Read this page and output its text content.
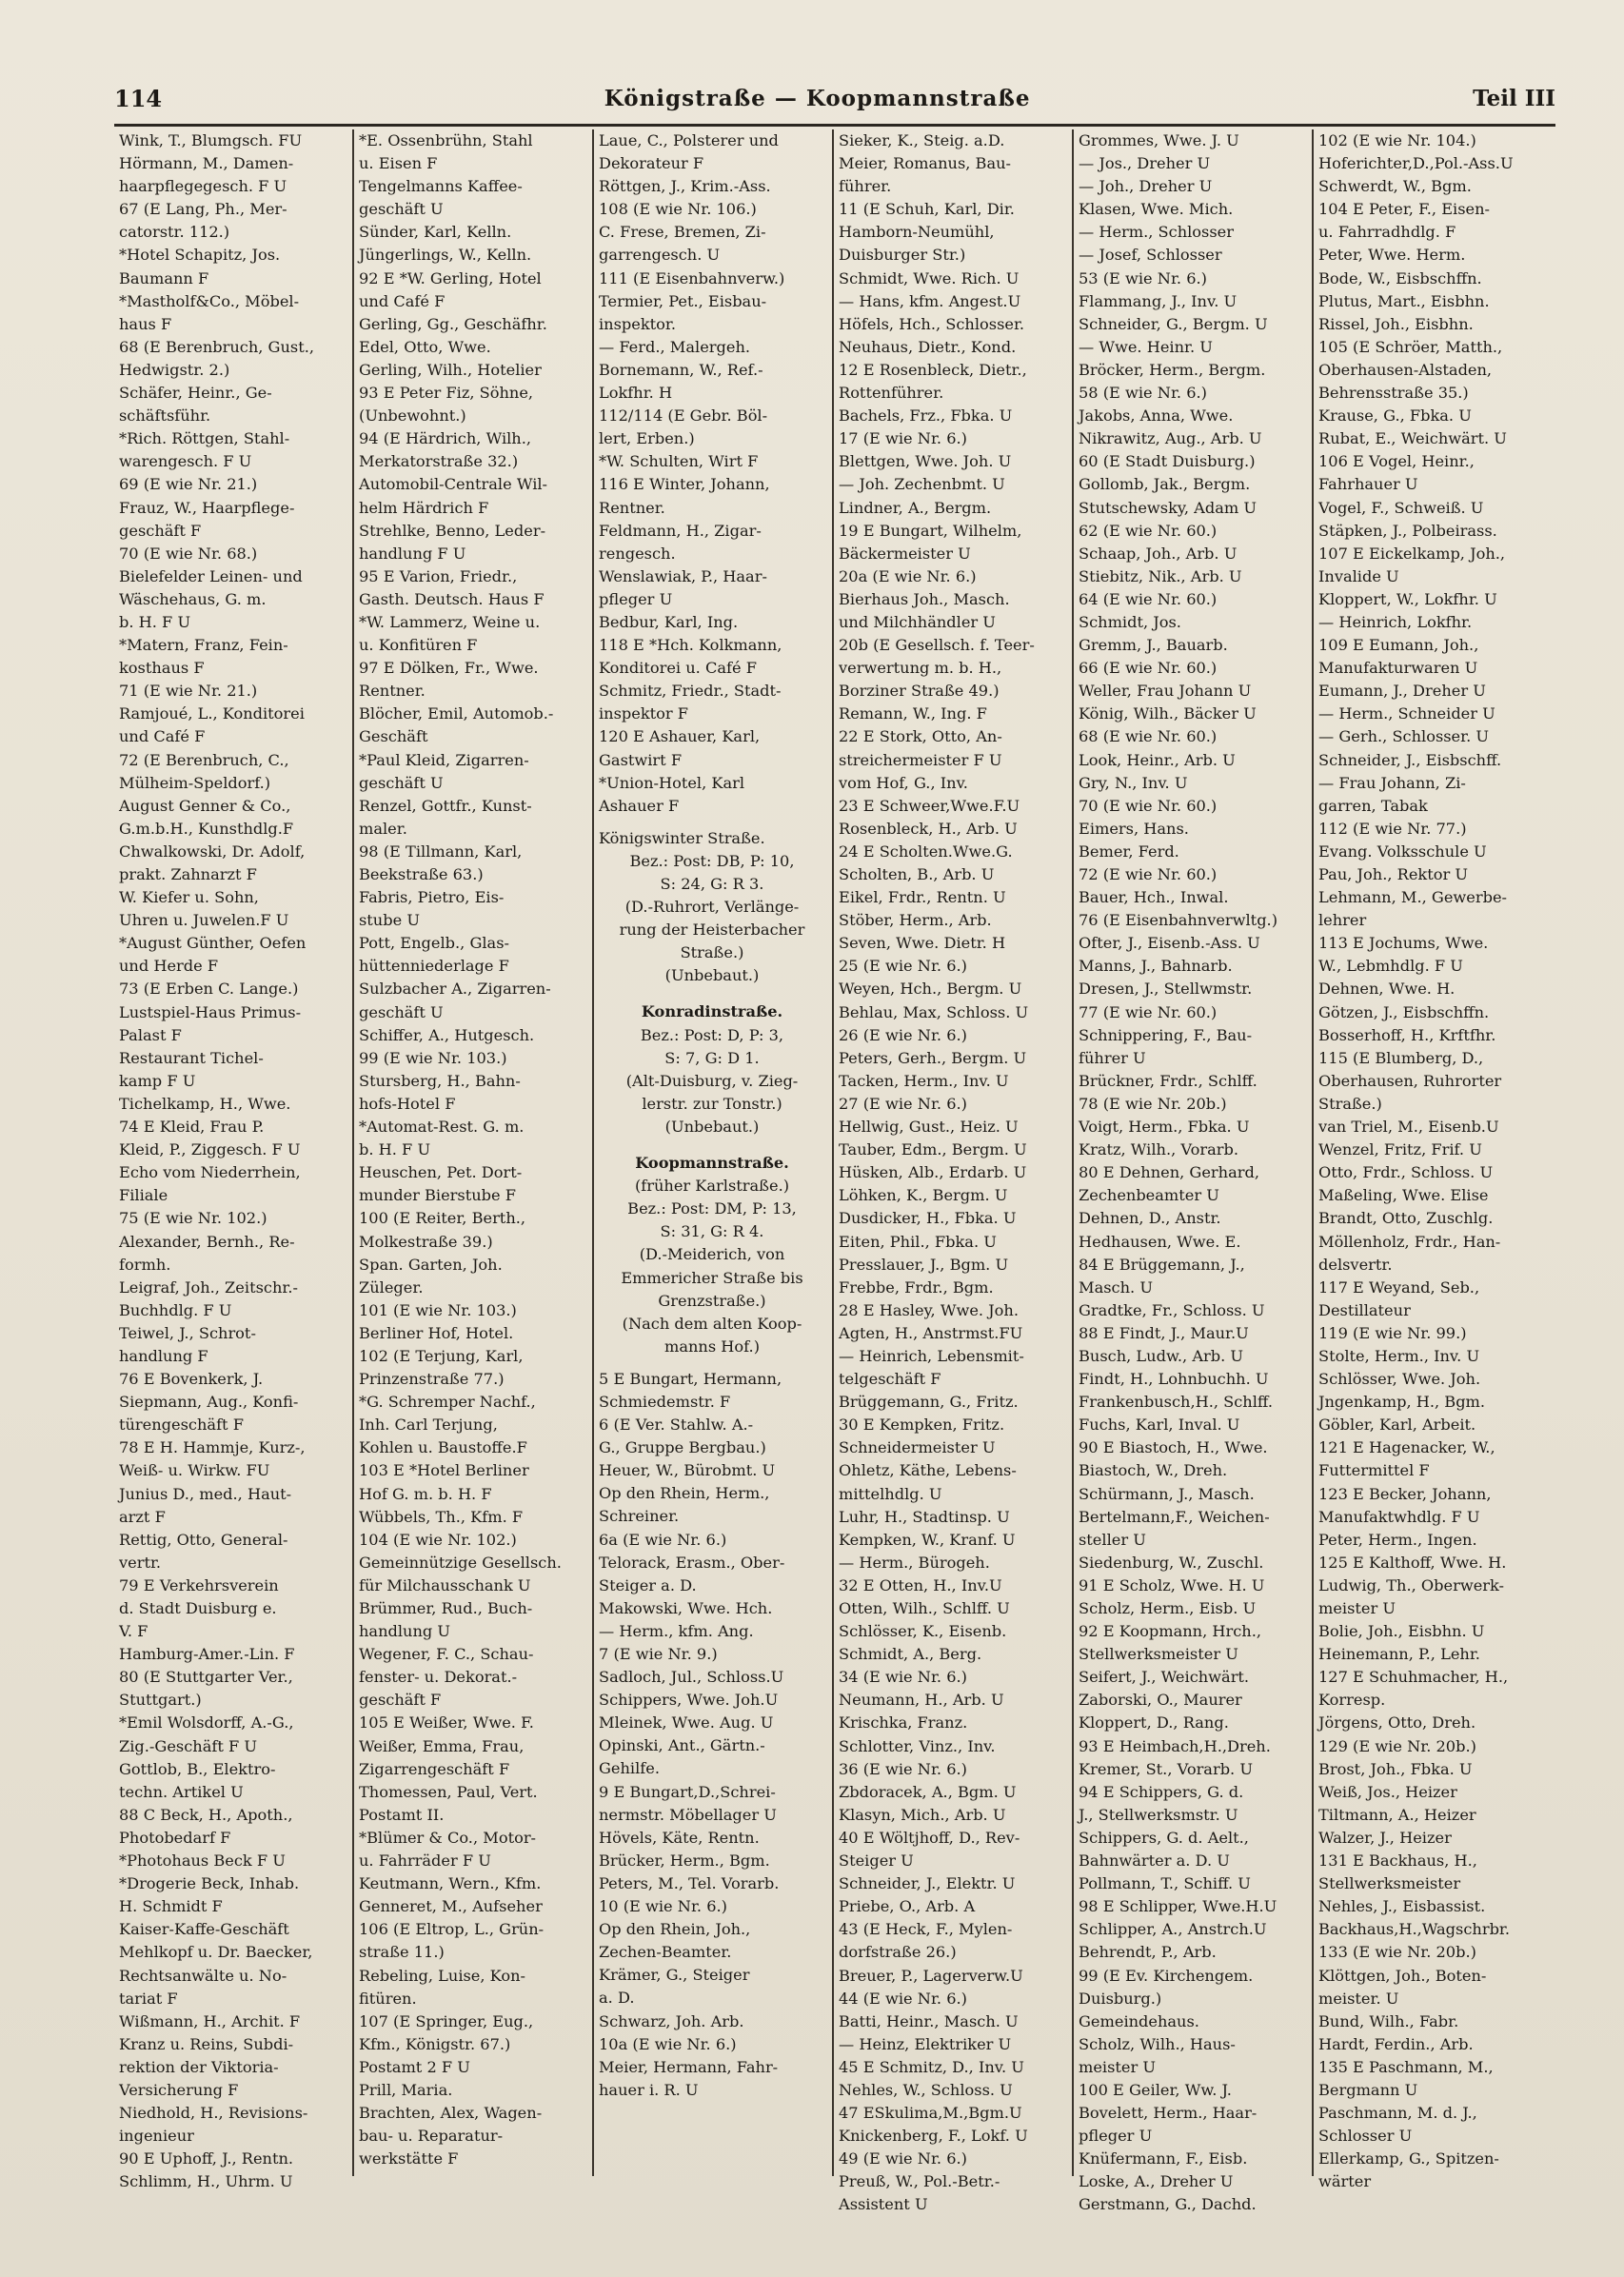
114	Königstraße — Koopmannstraße	Teil III
Wink, T., Blumgsch. FU
Hörmann, M., Damen-
haarpflegegesch. F U
67 (E Lang, Ph., Mer-
catorstr. 112.)
*Hotel Schapitz, Jos.
Baumann F
*Mastholf&Co., Möbel-
haus F
68 (E Berenbruch, Gust.,
Hedwigstr. 2.)
Schäfer, Heinr., Ge-
schäftsführ.
*Rich. Röttgen, Stahl-
warengesch. F U
69 (E wie Nr. 21.)
Frauz, W., Haarpflege-
geschäft F
70 (E wie Nr. 68.)
Bielefelder Leinen- und
Wäschehaus, G. m.
b. H. F U
*Matern, Franz, Fein-
kosthaus F
71 (E wie Nr. 21.)
Ramjoué, L., Konditorei
und Café F
72 (E Berenbruch, C.,
Mülheim-Speldorf.)
August Genner & Co.,
G.m.b.H., Kunsthdlg.F
Chwalkowski, Dr. Adolf,
prakt. Zahnarzt F
W. Kiefer u. Sohn,
Uhren u. Juwelen.F U
*August Günther, Oefen
und Herde F
73 (E Erben C. Lange.)
Lustspiel-Haus Primus-
Palast F
Restaurant Tichel-
kamp F U
Tichelkamp, H., Wwe.
74 E Kleid, Frau P.
Kleid, P., Ziggesch. F U
Echo vom Niederrhein,
Filiale
75 (E wie Nr. 102.)
Alexander, Bernh., Re-
formh.
Leigraf, Joh., Zeitschr.-
Buchhdlg. F U
Teiwel, J., Schrot-
handlung F
76 E Bovenkerk, J.
Siepmann, Aug., Konfi-
türengeschäft F
78 E H. Hammje, Kurz-,
Weiß- u. Wirkw. FU
Junius D., med., Haut-
arzt F
Rettig, Otto, General-
vertr.
79 E Verkehrsverein
d. Stadt Duisburg e.
V. F
Hamburg-Amer.-Lin. F
80 (E Stuttgarter Ver.,
Stuttgart.)
*Emil Wolsdorff, A.-G.,
Zig.-Geschäft F U
Gottlob, B., Elektro-
techn. Artikel U
88 C Beck, H., Apoth.,
Photobedarf F
*Photohaus Beck F U
*Drogerie Beck, Inhab.
H. Schmidt F
Kaiser-Kaffe-Geschäft
Mehlkopf u. Dr. Baecker,
Rechtsanwälte u. No-
tariat F
Wißmann, H., Archit. F
Kranz u. Reins, Subdi-
rektion der Viktoria-
Versicherung F
Niedhold, H., Revisions-
ingenieur
90 E Uphoff, J., Rentn.
Schlimm, H., Uhrm. U
*E. Ossenbrühn, Stahl
u. Eisen F
Tengelmanns Kaffee-
geschäft U
Sünder, Karl, Kelln.
Jüngerlings, W., Kelln.
92 E *W. Gerling, Hotel
und Café F
Gerling, Gg., Geschäfhr.
Edel, Otto, Wwe.
Gerling, Wilh., Hotelier
93 E Peter Fiz, Söhne,
(Unbewohnt.)
94 (E Härdrich, Wilh.,
Merkatorstraße 32.)
Automobil-Centrale Wil-
helm Härdrich F
Strehlke, Benno, Leder-
handlung F U
95 E Varion, Friedr.,
Gasth. Deutsch. Haus F
*W. Lammerz, Weine u.
u. Konfitüren F
97 E Dölken, Fr., Wwe.
Rentner.
Blöcher, Emil, Automob.-
Geschäft
*Paul Kleid, Zigarren-
geschäft U
Renzel, Gottfr., Kunst-
maler.
98 (E Tillmann, Karl,
Beekstraße 63.)
Fabris, Pietro, Eis-
stube U
Pott, Engelb., Glas-
hüttenniederlage F
Sulzbacher A., Zigarren-
geschäft U
Schiffer, A., Hutgesch.
99 (E wie Nr. 103.)
Stursberg, H., Bahn-
hofs-Hotel F
*Automat-Rest. G. m.
b. H. F U
Heuschen, Pet. Dort-
munder Bierstube F
100 (E Reiter, Berth.,
Molkestraße 39.)
Span. Garten, Joh.
Züleger.
101 (E wie Nr. 103.)
Berliner Hof, Hotel.
102 (E Terjung, Karl,
Prinzenstraße 77.)
*G. Schremper Nachf.,
Inh. Carl Terjung,
Kohlen u. Baustoffe.F
103 E *Hotel Berliner
Hof G. m. b. H. F
Wübbels, Th., Kfm. F
104 (E wie Nr. 102.)
Gemeinnützige Gesellsch.
für Milchausschank U
Brümmer, Rud., Buch-
handlung U
Wegener, F. C., Schau-
fenster- u. Dekorat.-
geschäft F
105 E Weißer, Wwe. F.
Weißer, Emma, Frau,
Zigarrengeschäft F
Thomessen, Paul, Vert.
Postamt II.
*Blümer & Co., Motor-
u. Fahrräder F U
Keutmann, Wern., Kfm.
Genneret, M., Aufseher
106 (E Eltrop, L., Grün-
straße 11.)
Rebeling, Luise, Kon-
fitüren.
107 (E Springer, Eug.,
Kfm., Königstr. 67.)
Postamt 2 F U
Prill, Maria.
Brachten, Alex, Wagen-
bau- u. Reparatur-
werkstätte F
Laue, C., Polsterer und
Dekorateur F
Röttgen, J., Krim.-Ass.
108 (E wie Nr. 106.)
C. Frese, Bremen, Zi-
garrengesch. U
111 (E Eisenbahnverw.)
Termier, Pet., Eisbau-
inspektor.
— Ferd., Malergeh.
Bornemann, W., Ref.-
Lokfhr. H
112/114 (E Gebr. Böl-
lert, Erben.)
*W. Schulten, Wirt F
116 E Winter, Johann,
Rentner.
Feldmann, H., Zigar-
rengesch.
Wenslawiak, P., Haar-
pfleger U
Bedbur, Karl, Ing.
118 E *Hch. Kolkmann,
Konditorei u. Café F
Schmitz, Friedr., Stadt-
inspektor F
120 E Ashauer, Karl,
Gastwirt F
*Union-Hotel, Karl
Ashauer F
Königswinter Straße.
Bez.: Post: DB, P: 10,
S: 24, G: R 3.
(D.-Ruhrort, Verlänge-
rung der Heisterbacher
Straße.)
(Unbebaut.)
Konradinstraße.
Bez.: Post: D, P: 3,
S: 7, G: D 1.
(Alt-Duisburg, v. Zieg-
lerstr. zur Tonstr.)
(Unbebaut.)
Koopmannstraße.
(früher Karlstraße.)
Bez.: Post: DM, P: 13,
S: 31, G: R 4.
(D.-Meiderich, von
Emmericher Straße bis
Grenzstraße.)
(Nach dem alten Koop-
manns Hof.)
5 E Bungart, Hermann,
Schmiedemstr. F
6 (E Ver. Stahlw. A.-
G., Gruppe Bergbau.)
Heuer, W., Bürobmt. U
Op den Rhein, Herm.,
Schreiner.
6a (E wie Nr. 6.)
Telorack, Erasm., Ober-
Steiger a. D.
Makowski, Wwe. Hch.
— Herm., kfm. Ang.
7 (E wie Nr. 9.)
Sadloch, Jul., Schloss.U
Schippers, Wwe. Joh.U
Mleinek, Wwe. Aug. U
Opinski, Ant., Gärtn.-
Gehilfe.
9 E Bungart,D.,Schrei-
nermstr. Möbellager U
Hövels, Käte, Rentn.
Brücker, Herm., Bgm.
Peters, M., Tel. Vorarb.
10 (E wie Nr. 6.)
Op den Rhein, Joh.,
Zechen-Beamter.
Krämer, G., Steiger
a. D.
Schwarz, Joh. Arb.
10a (E wie Nr. 6.)
Meier, Hermann, Fahr-
hauer i. R. U
Sieker, K., Steig. a.D.
Meier, Romanus, Bau-
führer.
11 (E Schuh, Karl, Dir.
Hamborn-Neumühl,
Duisburger Str.)
Schmidt, Wwe. Rich. U
— Hans, kfm. Angest.U
Höfels, Hch., Schlosser.
Neuhaus, Dietr., Kond.
12 E Rosenbleck, Dietr.,
Rottenführer.
Bachels, Frz., Fbka. U
17 (E wie Nr. 6.)
Blettgen, Wwe. Joh. U
— Joh. Zechenbmt. U
Lindner, A., Bergm.
19 E Bungart, Wilhelm,
Bäckermeister U
20a (E wie Nr. 6.)
Bierhaus Joh., Masch.
und Milchhändler U
20b (E Gesellsch. f. Teer-
verwertung m. b. H.,
Borziner Straße 49.)
Remann, W., Ing. F
22 E Stork, Otto, An-
streichermeister F U
vom Hof, G., Inv.
23 E Schweer,Wwe.F.U
Rosenbleck, H., Arb. U
24 E Scholten.Wwe.G.
Scholten, B., Arb. U
Eikel, Frdr., Rentn. U
Stöber, Herm., Arb.
Seven, Wwe. Dietr. H
25 (E wie Nr. 6.)
Weyen, Hch., Bergm. U
Behlau, Max, Schloss. U
26 (E wie Nr. 6.)
Peters, Gerh., Bergm. U
Tacken, Herm., Inv. U
27 (E wie Nr. 6.)
Hellwig, Gust., Heiz. U
Tauber, Edm., Bergm. U
Hüsken, Alb., Erdarb. U
Löhken, K., Bergm. U
Dusdicker, H., Fbka. U
Eiten, Phil., Fbka. U
Presslauer, J., Bgm. U
Frebbe, Frdr., Bgm.
28 E Hasley, Wwe. Joh.
Agten, H., Anstrmst.FU
— Heinrich, Lebensmit-
telgeschäft F
Brüggemann, G., Fritz.
30 E Kempken, Fritz.
Schneidermeister U
Ohletz, Käthe, Lebens-
mittelhdlg. U
Luhr, H., Stadtinsp. U
Kempken, W., Kranf. U
— Herm., Bürogeh.
32 E Otten, H., Inv.U
Otten, Wilh., Schlff. U
Schlösser, K., Eisenb.
Schmidt, A., Berg.
34 (E wie Nr. 6.)
Neumann, H., Arb. U
Krischka, Franz.
Schlotter, Vinz., Inv.
36 (E wie Nr. 6.)
Zbdoracek, A., Bgm. U
Klasyn, Mich., Arb. U
40 E Wöltjhoff, D., Rev-
Steiger U
Schneider, J., Elektr. U
Priebe, O., Arb. A
43 (E Heck, F., Mylen-
dorfstraße 26.)
Breuer, P., Lagerverw.U
44 (E wie Nr. 6.)
Batti, Heinr., Masch. U
— Heinz, Elektriker U
45 E Schmitz, D., Inv. U
Nehles, W., Schloss. U
47 ESkulima,M.,Bgm.U
Knickenberg, F., Lokf. U
49 (E wie Nr. 6.)
Preuß, W., Pol.-Betr.-
Assistent U
Grommes, Wwe. J. U
— Jos., Dreher U
— Joh., Dreher U
Klasen, Wwe. Mich.
— Herm., Schlosser
— Josef, Schlosser
53 (E wie Nr. 6.)
Flammang, J., Inv. U
Schneider, G., Bergm. U
— Wwe. Heinr. U
Bröcker, Herm., Bergm.
58 (E wie Nr. 6.)
Jakobs, Anna, Wwe.
Nikrawitz, Aug., Arb. U
60 (E Stadt Duisburg.)
Gollomb, Jak., Bergm.
Stutschewsky, Adam U
62 (E wie Nr. 60.)
Schaap, Joh., Arb. U
Stiebitz, Nik., Arb. U
64 (E wie Nr. 60.)
Schmidt, Jos.
Gremm, J., Bauarb.
66 (E wie Nr. 60.)
Weller, Frau Johann U
König, Wilh., Bäcker U
68 (E wie Nr. 60.)
Look, Heinr., Arb. U
Gry, N., Inv. U
70 (E wie Nr. 60.)
Eimers, Hans.
Bemer, Ferd.
72 (E wie Nr. 60.)
Bauer, Hch., Inwal.
76 (E Eisenbahnverwltg.)
Ofter, J., Eisenb.-Ass. U
Manns, J., Bahnarb.
Dresen, J., Stellwmstr.
77 (E wie Nr. 60.)
Schnippering, F., Bau-
führer U
Brückner, Frdr., Schlff.
78 (E wie Nr. 20b.)
Voigt, Herm., Fbka. U
Kratz, Wilh., Vorarb.
80 E Dehnen, Gerhard,
Zechenbeamter U
Dehnen, D., Anstr.
Hedhausen, Wwe. E.
84 E Brüggemann, J.,
Masch. U
Gradtke, Fr., Schloss. U
88 E Findt, J., Maur.U
Busch, Ludw., Arb. U
Findt, H., Lohnbuchh. U
Frankenbusch,H., Schlff.
Fuchs, Karl, Inval. U
90 E Biastoch, H., Wwe.
Biastoch, W., Dreh.
Schürmann, J., Masch.
Bertelmann,F., Weichen-
steller U
Siedenburg, W., Zuschl.
91 E Scholz, Wwe. H. U
Scholz, Herm., Eisb. U
92 E Koopmann, Hrch.,
Stellwerksmeister U
Seifert, J., Weichwärt.
Zaborski, O., Maurer
Kloppert, D., Rang.
93 E Heimbach,H.,Dreh.
Kremer, St., Vorarb. U
94 E Schippers, G. d.
J., Stellwerksmstr. U
Schippers, G. d. Aelt.,
Bahnwärter a. D. U
Pollmann, T., Schiff. U
98 E Schlipper, Wwe.H.U
Schlipper, A., Anstrch.U
Behrendt, P., Arb.
99 (E Ev. Kirchengem.
Duisburg.)
Gemeindehaus.
Scholz, Wilh., Haus-
meister U
100 E Geiler, Ww. J.
Bovelett, Herm., Haar-
pfleger U
Knüfermann, F., Eisb.
Loske, A., Dreher U
Gerstmann, G., Dachd.
102 (E wie Nr. 104.)
Hoferichter,D.,Pol.-Ass.U
Schwerdt, W., Bgm.
104 E Peter, F., Eisen-
u. Fahrradhdlg. F
Peter, Wwe. Herm.
Bode, W., Eisbschffn.
Plutus, Mart., Eisbhn.
Rissel, Joh., Eisbhn.
105 (E Schröer, Matth.,
Oberhausen-Alstaden,
Behrensstraße 35.)
Krause, G., Fbka. U
Rubat, E., Weichwärt. U
106 E Vogel, Heinr.,
Fahrhauer U
Vogel, F., Schweiß. U
Stäpken, J., Polbeirass.
107 E Eickelkamp, Joh.,
Invalide U
Kloppert, W., Lokfhr. U
— Heinrich, Lokfhr.
109 E Eumann, Joh.,
Manufakturwaren U
Eumann, J., Dreher U
— Herm., Schneider U
— Gerh., Schlosser. U
Schneider, J., Eisbschff.
— Frau Johann, Zi-
garren, Tabak
112 (E wie Nr. 77.)
Evang. Volksschule U
Pau, Joh., Rektor U
Lehmann, M., Gewerbe-
lehrer
113 E Jochums, Wwe.
W., Lebmhdlg. F U
Dehnen, Wwe. H.
Götzen, J., Eisbschffn.
Bosserhoff, H., Krftfhr.
115 (E Blumberg, D.,
Oberhausen, Ruhrorter
Straße.)
van Triel, M., Eisenb.U
Wenzel, Fritz, Frif. U
Otto, Frdr., Schloss. U
Maßeling, Wwe. Elise
Brandt, Otto, Zuschlg.
Möllenholz, Frdr., Han-
delsvertr.
117 E Weyand, Seb.,
Destillateur
119 (E wie Nr. 99.)
Stolte, Herm., Inv. U
Schlösser, Wwe. Joh.
Jngenkamp, H., Bgm.
Göbler, Karl, Arbeit.
121 E Hagenacker, W.,
Futtermittel F
123 E Becker, Johann,
Manufaktwhdlg. F U
Peter, Herm., Ingen.
125 E Kalthoff, Wwe. H.
Ludwig, Th., Oberwerk-
meister U
Bolie, Joh., Eisbhn. U
Heinemann, P., Lehr.
127 E Schuhmacher, H.,
Korresp.
Jörgens, Otto, Dreh.
129 (E wie Nr. 20b.)
Brost, Joh., Fbka. U
Weiß, Jos., Heizer
Tiltmann, A., Heizer
Walzer, J., Heizer
131 E Backhaus, H.,
Stellwerksmeister
Nehles, J., Eisbassist.
Backhaus,H.,Wagschrbr.
133 (E wie Nr. 20b.)
Klöttgen, Joh., Boten-
meister. U
Bund, Wilh., Fabr.
Hardt, Ferdin., Arb.
135 E Paschmann, M.,
Bergmann U
Paschmann, M. d. J.,
Schlosser U
Ellerkamp, G., Spitzen-
wärter
